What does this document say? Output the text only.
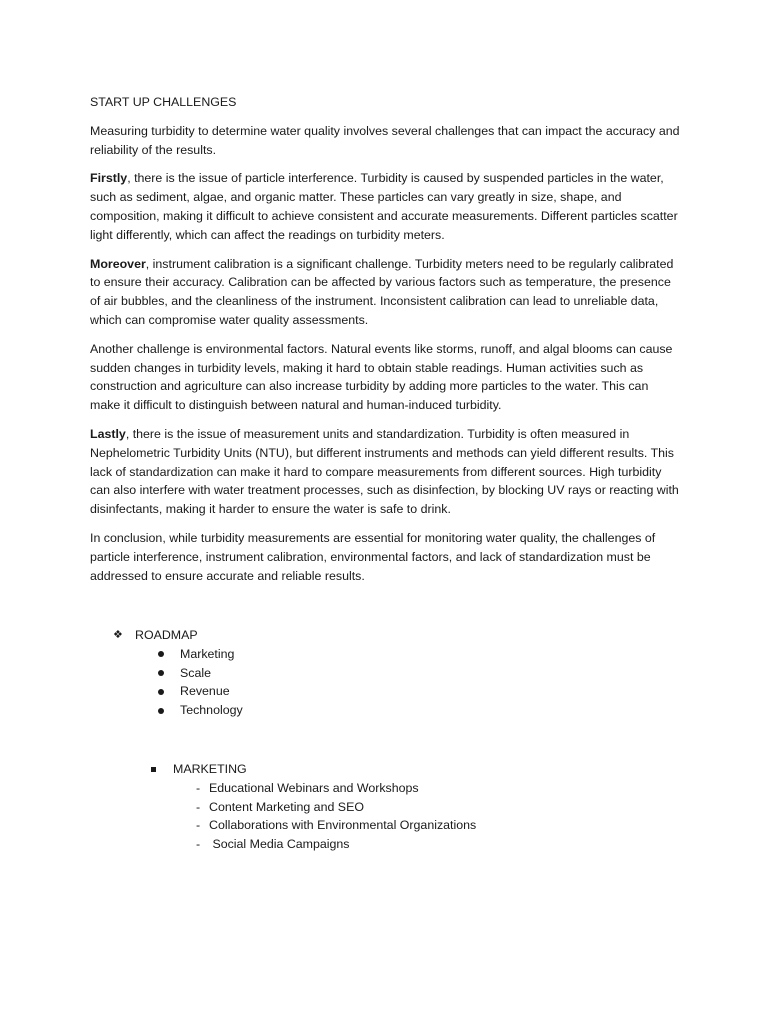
START UP CHALLENGES

Measuring turbidity to determine water quality involves several challenges that can impact the accuracy and reliability of the results.

Firstly, there is the issue of particle interference. Turbidity is caused by suspended particles in the water, such as sediment, algae, and organic matter. These particles can vary greatly in size, shape, and composition, making it difficult to achieve consistent and accurate measurements. Different particles scatter light differently, which can affect the readings on turbidity meters.

Moreover, instrument calibration is a significant challenge. Turbidity meters need to be regularly calibrated to ensure their accuracy. Calibration can be affected by various factors such as temperature, the presence of air bubbles, and the cleanliness of the instrument. Inconsistent calibration can lead to unreliable data, which can compromise water quality assessments.

Another challenge is environmental factors. Natural events like storms, runoff, and algal blooms can cause sudden changes in turbidity levels, making it hard to obtain stable readings. Human activities such as construction and agriculture can also increase turbidity by adding more particles to the water. This can make it difficult to distinguish between natural and human-induced turbidity.

Lastly, there is the issue of measurement units and standardization. Turbidity is often measured in Nephelometric Turbidity Units (NTU), but different instruments and methods can yield different results. This lack of standardization can make it hard to compare measurements from different sources. High turbidity can also interfere with water treatment processes, such as disinfection, by blocking UV rays or reacting with disinfectants, making it harder to ensure the water is safe to drink.

In conclusion, while turbidity measurements are essential for monitoring water quality, the challenges of particle interference, instrument calibration, environmental factors, and lack of standardization must be addressed to ensure accurate and reliable results.

❖ ROADMAP
Marketing
Scale
Revenue
Technology
MARKETING
- Educational Webinars and Workshops
- Content Marketing and SEO
- Collaborations with Environmental Organizations
- Social Media Campaigns
